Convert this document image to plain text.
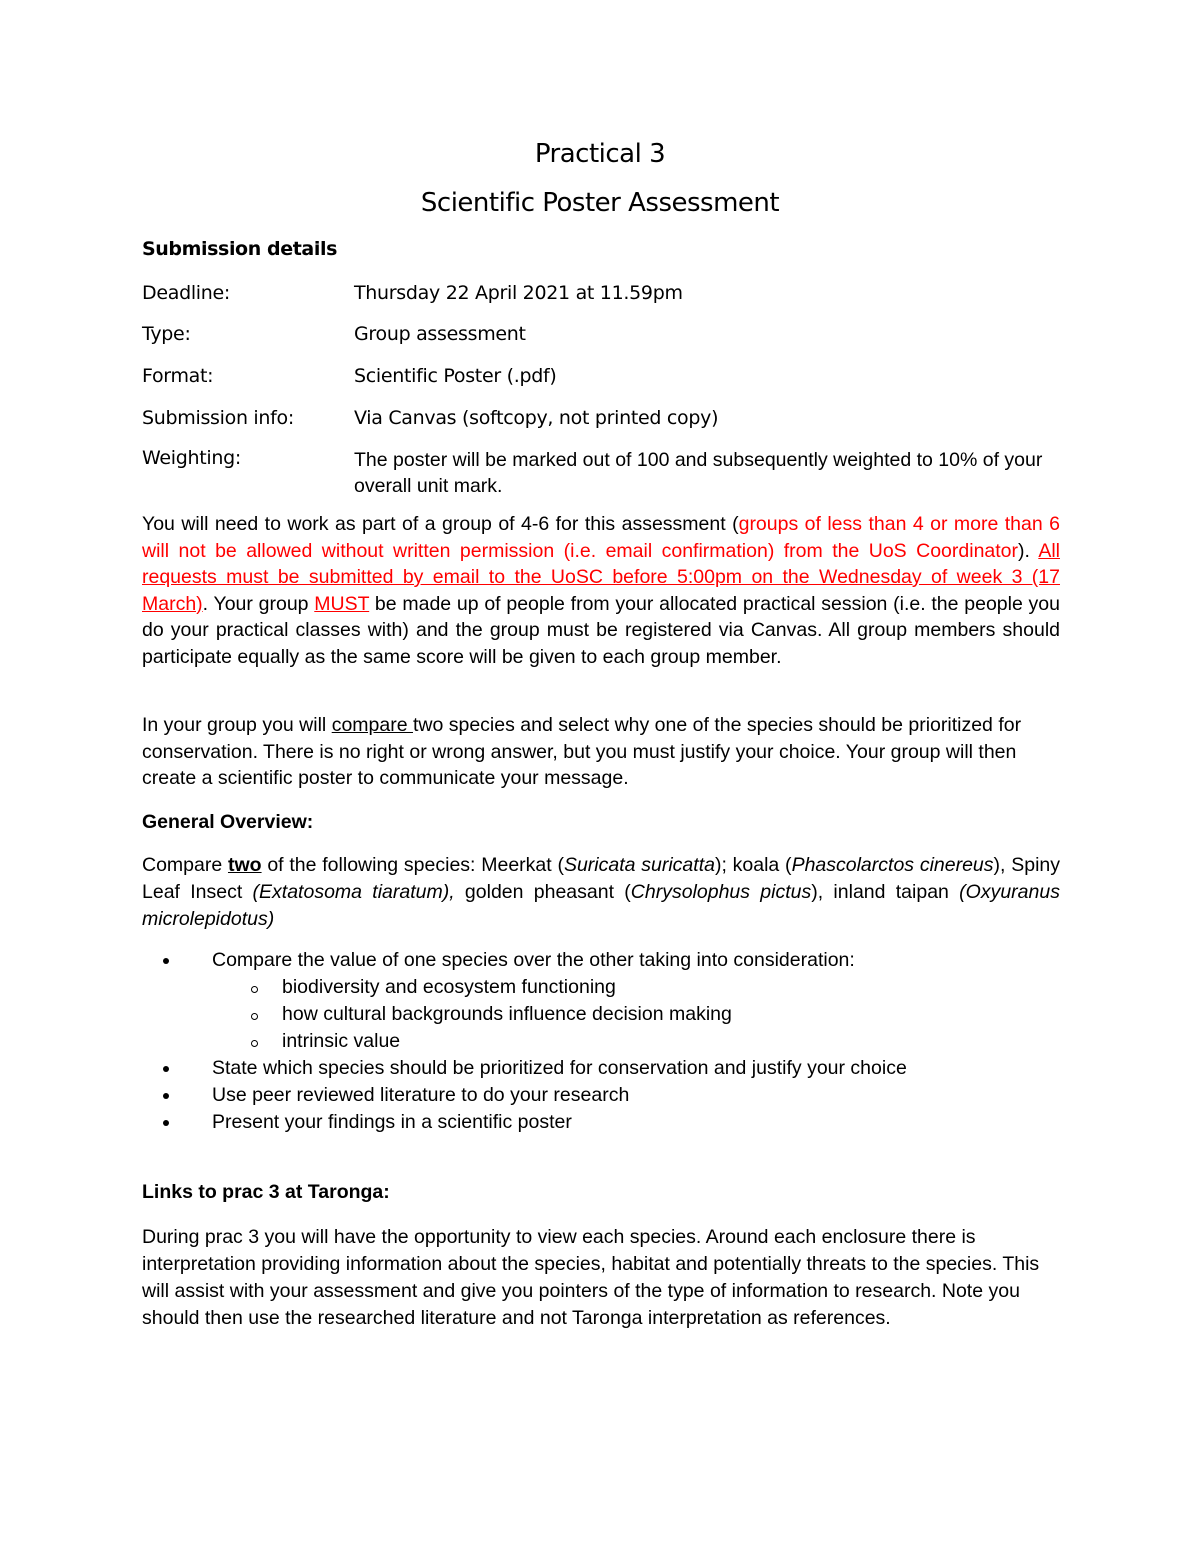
Practical 3
Scientific Poster Assessment
Submission details
Deadline:	Thursday 22 April 2021 at 11.59pm
Type:	Group assessment
Format:	Scientific Poster (.pdf)
Submission info:	Via Canvas (softcopy, not printed copy)
Weighting:	The poster will be marked out of 100 and subsequently weighted to 10% of your overall unit mark.
You will need to work as part of a group of 4-6 for this assessment (groups of less than 4 or more than 6 will not be allowed without written permission (i.e. email confirmation) from the UoS Coordinator). All requests must be submitted by email to the UoSC before 5:00pm on the Wednesday of week 3 (17 March). Your group MUST be made up of people from your allocated practical session (i.e. the people you do your practical classes with) and the group must be registered via Canvas. All group members should participate equally as the same score will be given to each group member.
In your group you will compare two species and select why one of the species should be prioritized for conservation. There is no right or wrong answer, but you must justify your choice. Your group will then create a scientific poster to communicate your message.
General Overview:
Compare two of the following species: Meerkat (Suricata suricatta); koala (Phascolarctos cinereus), Spiny Leaf Insect (Extatosoma tiaratum), golden pheasant (Chrysolophus pictus), inland taipan (Oxyuranus microlepidotus)
Compare the value of one species over the other taking into consideration:
biodiversity and ecosystem functioning
how cultural backgrounds influence decision making
intrinsic value
State which species should be prioritized for conservation and justify your choice
Use peer reviewed literature to do your research
Present your findings in a scientific poster
Links to prac 3 at Taronga:
During prac 3 you will have the opportunity to view each species. Around each enclosure there is interpretation providing information about the species, habitat and potentially threats to the species. This will assist with your assessment and give you pointers of the type of information to research. Note you should then use the researched literature and not Taronga interpretation as references.
